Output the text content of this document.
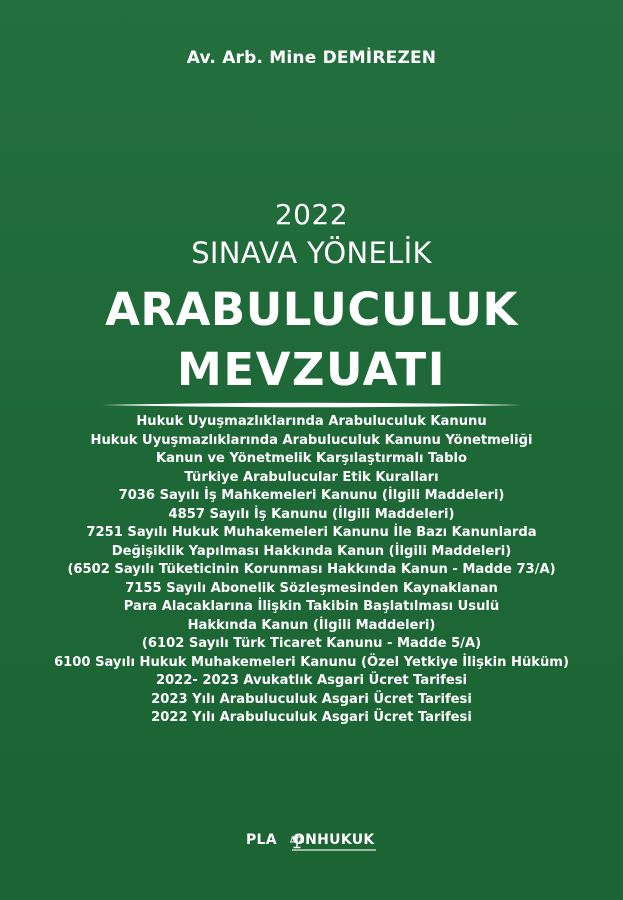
Av. Arb. Mine DEMİREZEN
2022
SINAVA YÖNELİK
ARABULUCULUK
MEVZUATI
Hukuk Uyuşmazlıklarında Arabuluculuk Kanunu
Hukuk Uyuşmazlıklarında Arabuluculuk Kanunu Yönetmeliği
Kanun ve Yönetmelik Karşılaştırmalı Tablo
Türkiye Arabulucular Etik Kuralları
7036 Sayılı İş Mahkemeleri Kanunu (İlgili Maddeleri)
4857 Sayılı İş Kanunu (İlgili Maddeleri)
7251 Sayılı Hukuk Muhakemeleri Kanunu İle Bazı Kanunlarda
Değişiklik Yapılması Hakkında Kanun (İlgili Maddeleri)
(6502 Sayılı Tüketicinin Korunması Hakkında Kanun - Madde 73/A)
7155 Sayılı Abonelik Sözleşmesinden Kaynaklanan
Para Alacaklarına İlişkin Takibin Başlatılması Usulü
Hakkında Kanun (İlgili Maddeleri)
(6102 Sayılı Türk Ticaret Kanunu - Madde 5/A)
6100 Sayılı Hukuk Muhakemeleri Kanunu (Özel Yetkiye İlişkin Hüküm)
2022- 2023 Avukatlık Asgari Ücret Tarifesi
2023 Yılı Arabuluculuk Asgari Ücret Tarifesi
2022 Yılı Arabuluculuk Asgari Ücret Tarifesi
PLA ONHUKUK
